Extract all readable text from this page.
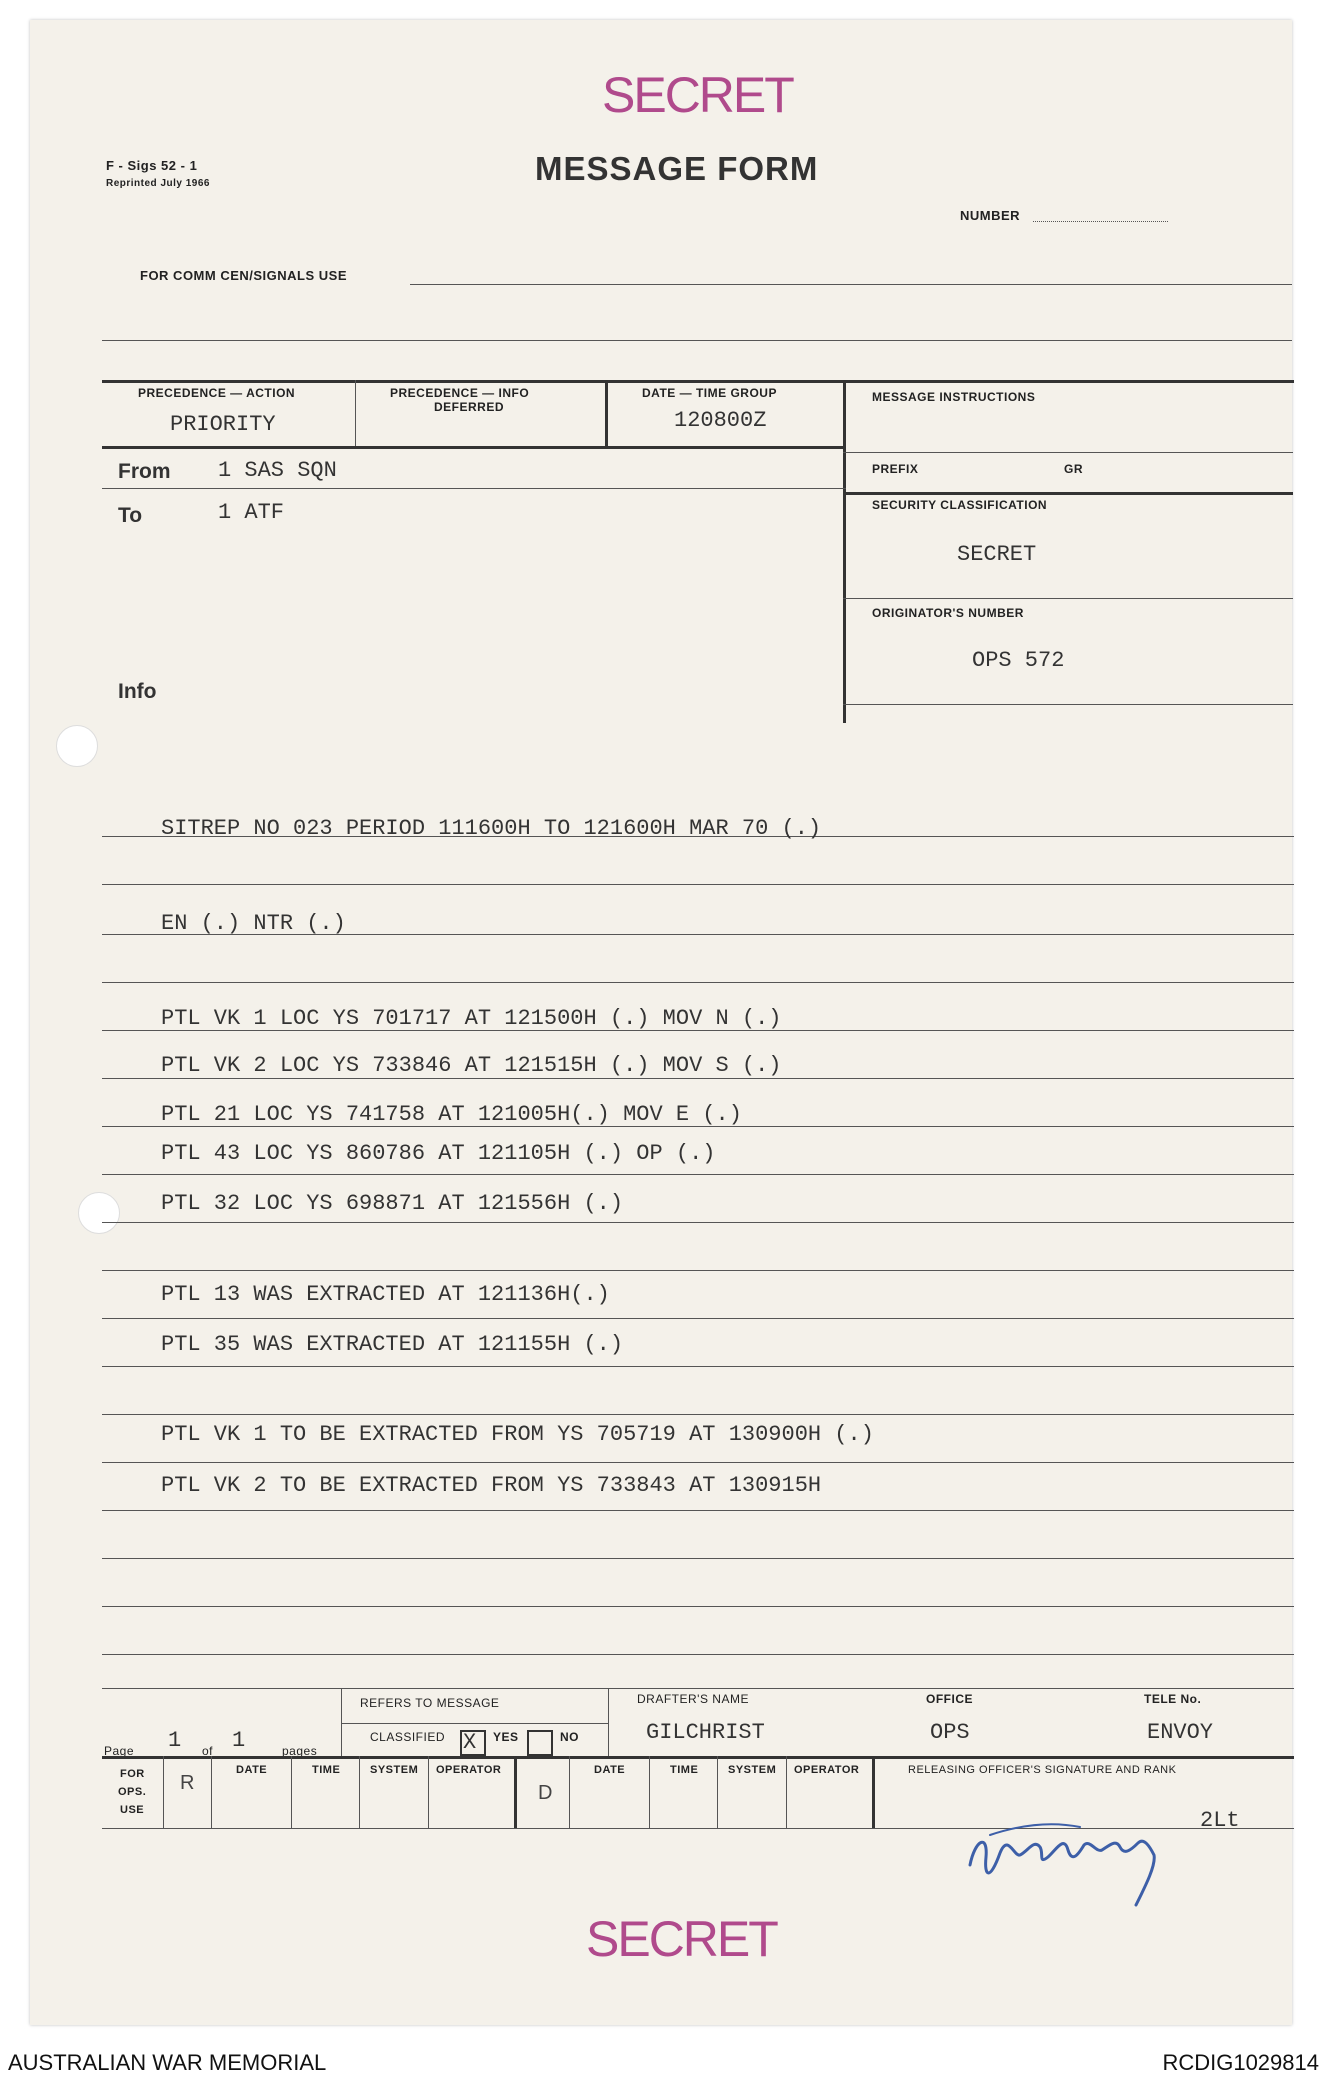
SECRET
F - Sigs 52 - 1
Reprinted July 1966	MESSAGE FORM
NUMBER
FOR COMM CEN/SIGNALS USE
PRECEDENCE — ACTION
PRIORITY
PRECEDENCE — INFO
DEFERRED
DATE — TIME GROUP
120800Z
MESSAGE INSTRUCTIONS
PREFIX	GR
From 1 SAS SQN
To	1 ATF
Info
SECURITY CLASSIFICATION
SECRET
ORIGINATOR'S NUMBER
OPS 572
SITREP NO 023 PERIOD 111600H TO 121600H MAR 70 (.)
EN (.) NTR (.)
PTL VK 1 LOC YS 701717 AT 121500H (.) MOV N (.)
PTL VK 2 LOC YS 733846 AT 121515H (.) MOV S (.)
PTL 21 LOC YS 741758 AT 121005H(.) MOV E (.)
PTL 43 LOC YS 860786 AT 121105H (.) OP (.)
PTL 32 LOC YS 698871 AT 121556H (.)
PTL 13 WAS EXTRACTED AT 121136H(.)
PTL 35 WAS EXTRACTED AT 121155H (.)
PTL VK 1 TO BE EXTRACTED FROM YS 705719 AT 130900H (.)
PTL VK 2 TO BE EXTRACTED FROM YS 733843 AT 130915H
Page 1 of 1	pages
REFERS TO MESSAGE
CLASSIFIED X YES	NO
DRAFTER'S NAME
GILCHRIST
OFFICE
OPS
TELE No.
ENVOY
FOR
OPS.
USE
R
DATE	TIME	SYSTEM OPERATOR
D
DATE	TIME	SYSTEM OPERATOR	RELEASING OFFICER'S SIGNATURE AND RANK
2Lt
SECRET
AUSTRALIAN WAR MEMORIAL	RCDIG1029814
